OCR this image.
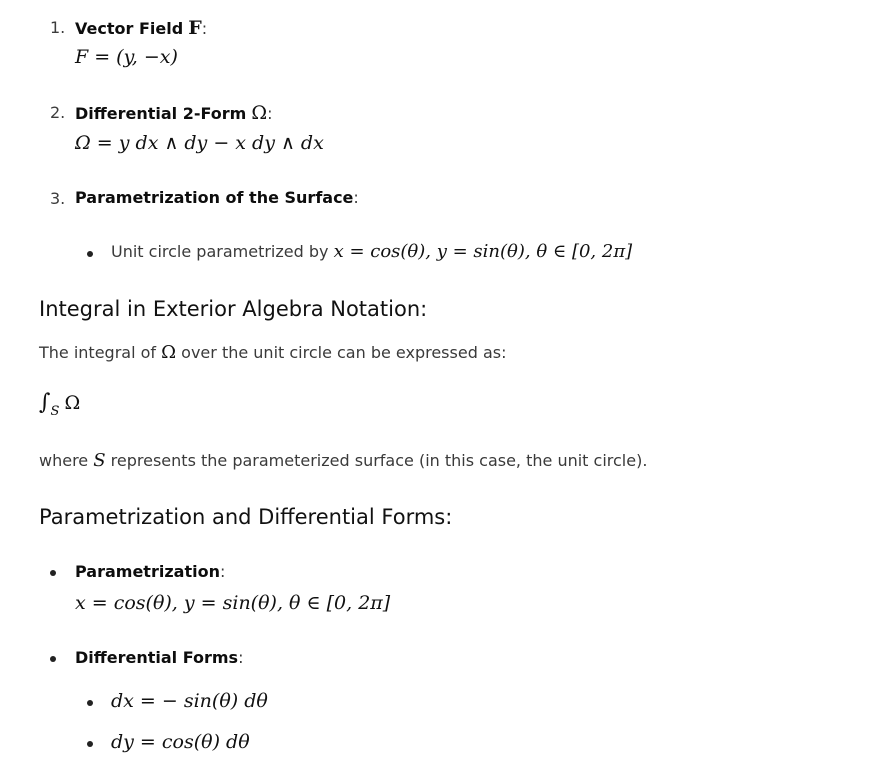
1. Vector Field F:
F = (y, −x)
2. Differential 2-Form Ω:
Ω = y dx ∧ dy − x dy ∧ dx
3. Parametrization of the Surface:
Unit circle parametrized by x = cos(θ), y = sin(θ), θ ∈ [0, 2π]
Integral in Exterior Algebra Notation:
The integral of Ω over the unit circle can be expressed as:
$\int_S$ Ω
where S represents the parameterized surface (in this case, the unit circle).
Parametrization and Differential Forms:
Parametrization:
x = cos(θ), y = sin(θ), θ ∈ [0, 2π]
Differential Forms:
dx = − sin(θ) dθ
dy = cos(θ) dθ
